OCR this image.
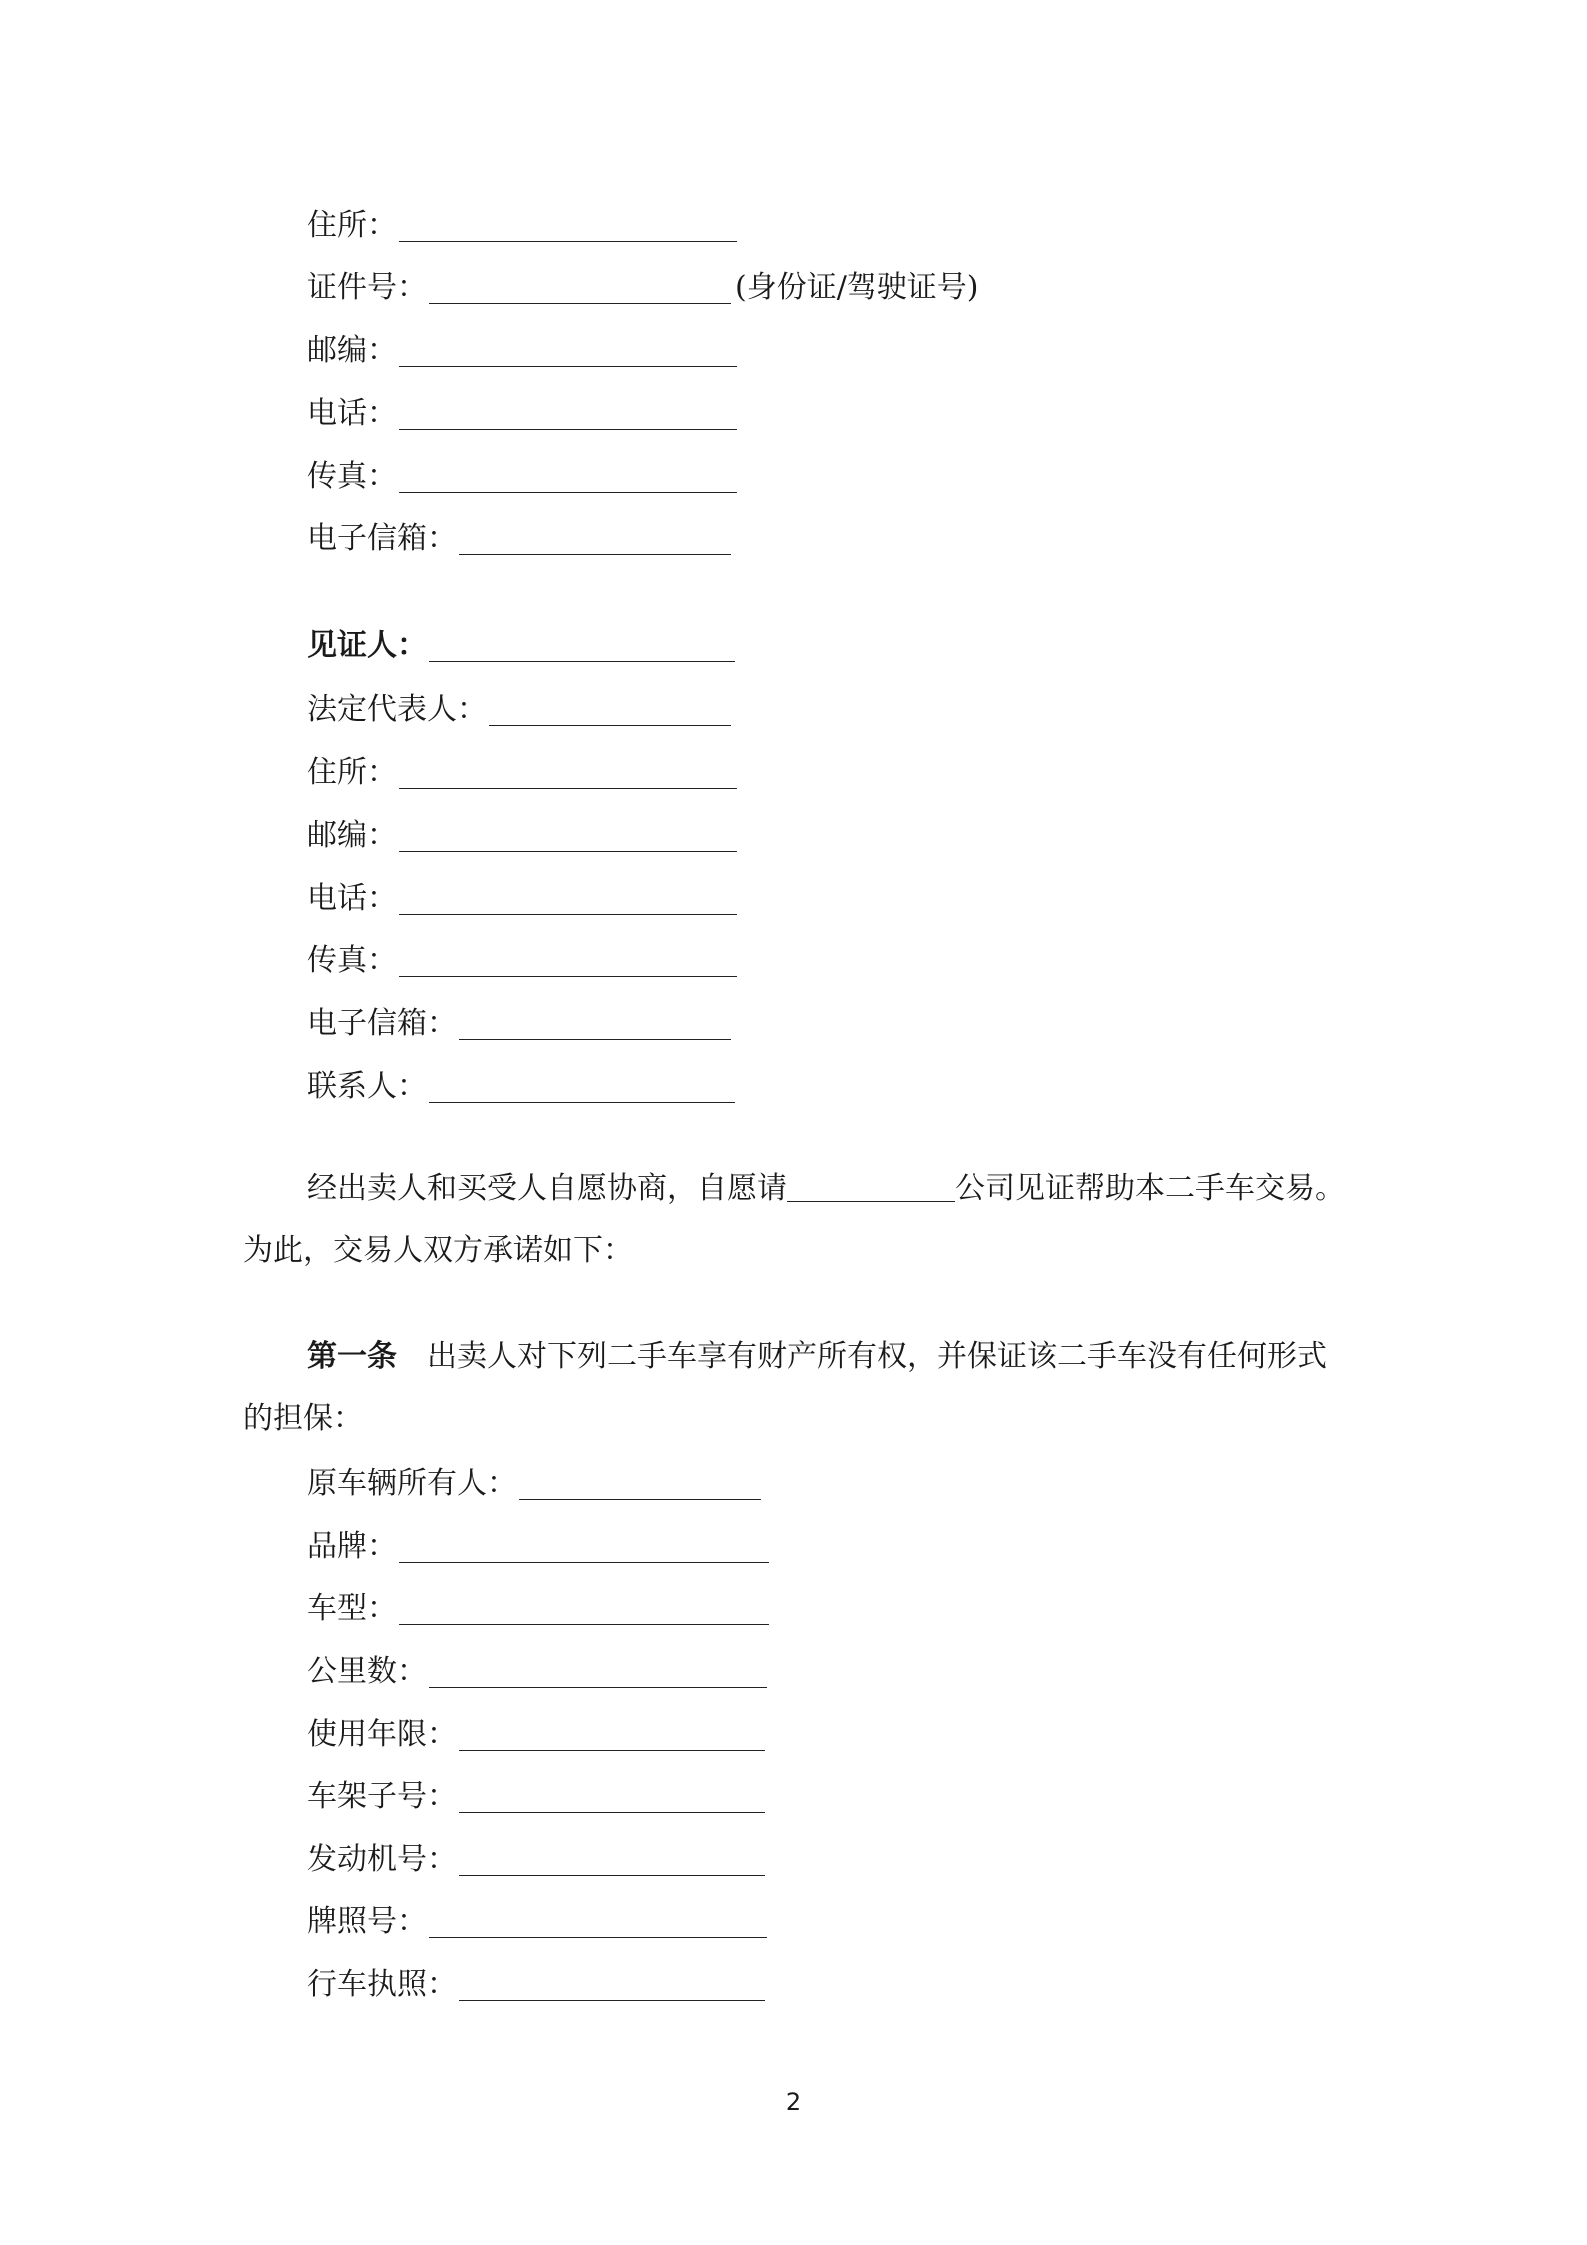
住所：
证件号：	(身份证/驾驶证号)
邮编：
电话：
传真：
电子信箱：
见证人：
法定代表人：
住所：
邮编：
电话：
传真：
电子信箱：
联系人：
经出卖人和买受人自愿协商，自愿请	公司见证帮助本二手车交易。为此，交易人双方承诺如下：
第一条　出卖人对下列二手车享有财产所有权，并保证该二手车没有任何形式的担保：
原车辆所有人：
品牌：
车型：
公里数：
使用年限：
车架子号：
发动机号：
牌照号：
行车执照：
2
